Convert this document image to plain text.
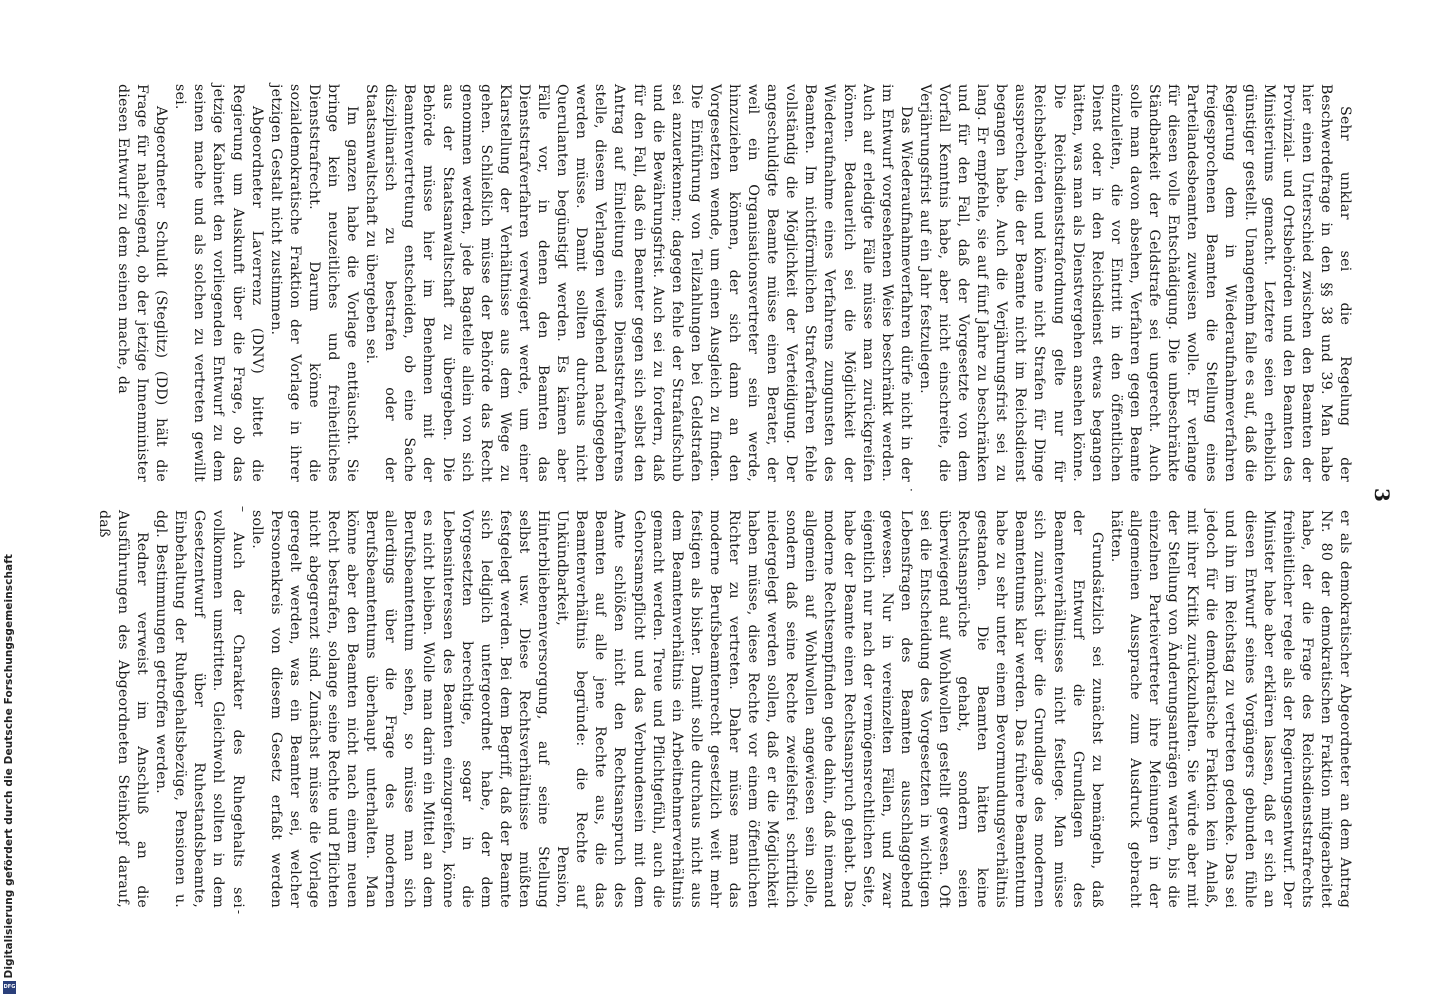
3
–
·
-

Sehr unklar sei die Regelung der Beschwerdefrage in den §§ 38 und 39. Man habe hier einen Unterschied zwischen den Beamten der Provinzial- und Ortsbehörden und den Beamten des Ministeriums gemacht. Letztere seien erheblich günstiger gestellt. Unangenehm falle es auf, daß die Regierung dem in Wiederaufnahmeverfahren freigesprochenen Beamten die Stellung eines Parteilandesbeamten zuweisen wolle. Er verlange für diesen volle Entschädigung. Die unbeschränkte Ständbarkeit der Geldstrafe sei ungerecht. Auch solle man davon absehen, Verfahren gegen Beamte einzuleiten, die vor Eintritt in den öffentlichen Dienst oder in den Reichsdienst etwas begangen hätten, was man als Dienstvergehen ansehen könne. Die Reichsdienststrafordnung gelte nur für Reichsbehörden und könne nicht Strafen für Dinge aussprechen, die der Beamte nicht im Reichsdienst begangen habe. Auch die Verjährungsfrist sei zu lang. Er empfehle, sie auf fünf Jahre zu beschränken und für den Fall, daß der Vorgesetzte von dem Vorfall Kenntnis habe, aber nicht einschreite, die Verjährungsfrist auf ein Jahr festzulegen.

Das Wiederaufnahmeverfahren dürfe nicht in der im Entwurf vorgesehenen Weise beschränkt werden. Auch auf erledigte Fälle müsse man zurückgreifen können. Bedauerlich sei die Möglichkeit der Wiederaufnahme eines Verfahrens zungunsten des Beamten. Im nichtförmlichen Strafverfahren fehle vollständig die Möglichkeit der Verteidigung. Der angeschuldigte Beamte müsse einen Berater, der weil ein Organisationsvertreter sein werde, hinzuziehen können, der sich dann an den Vorgesetzten wende, um einen Ausgleich zu finden. Die Einführung von Teilzahlungen bei Geldstrafen sei anzuerkennen; dagegen fehle der Strafaufschub und die Bewährungsfrist. Auch sei zu fordern, daß für den Fall, daß ein Beamter gegen sich selbst den Antrag auf Einleitung eines Dienststrafverfahrens stelle, diesem Verlangen weitgehend nachgegeben werden müsse. Damit sollten durchaus nicht Querulanten begünstigt werden. Es kämen aber Fälle vor, in denen den Beamten das Dienststrafverfahren verweigert werde, um einer Klarstellung der Verhältnisse aus dem Wege zu gehen. Schließlich müsse der Behörde das Recht genommen werden, jede Bagatelle allein von sich aus der Staatsanwaltschaft zu übergeben. Die Behörde müsse hier im Benehmen mit der Beamtenvertretung entscheiden, ob eine Sache disziplinarisch zu bestrafen oder der Staatsanwaltschaft zu übergeben sei.

Im ganzen habe die Vorlage enttäuscht. Sie bringe kein neuzeitliches und freiheitliches Dienststrafrecht. Darum könne die sozialdemokratische Fraktion der Vorlage in ihrer jetzigen Gestalt nicht zustimmen.

Abgeordneter Laverrenz (DNV) bittet die Regierung um Auskunft über die Frage, ob das jetzige Kabinett den vorliegenden Entwurf zu dem seinen mache und als solchen zu vertreten gewillt sei.

Abgeordneter Schuldt (Steglitz) (DD) hält die Frage für naheliegend, ob der jetzige Innenminister diesen Entwurf zu dem seinen mache, da

er als demokratischer Abgeordneter an dem Antrag Nr. 80 der demokratischen Fraktion mitgearbeitet habe, der die Frage des Reichsdienststrafrechts freiheitlicher regele als der Regierungsentwurf. Der Minister habe aber erklären lassen, daß er sich an diesen Entwurf seines Vorgängers gebunden fühle und ihn im Reichstag zu vertreten gedenke. Das sei jedoch für die demokratische Fraktion kein Anlaß, mit ihrer Kritik zurückzuhalten. Sie würde aber mit der Stellung von Änderungsanträgen warten, bis die einzelnen Parteivertreter ihre Meinungen in der allgemeinen Aussprache zum Ausdruck gebracht hätten.

Grundsätzlich sei zunächst zu bemängeln, daß der Entwurf die Grundlagen des Beamtenverhältnisses nicht festlege. Man müsse sich zunächst über die Grundlage des modernen Beamtentums klar werden. Das frühere Beamtentum habe zu sehr unter einem Bevormundungsverhältnis gestanden. Die Beamten hätten keine Rechtsansprüche gehabt, sondern seien überwiegend auf Wohlwollen gestellt gewesen. Oft sei die Entscheidung des Vorgesetzten in wichtigen Lebensfragen des Beamten ausschlaggebend gewesen. Nur in vereinzelten Fällen, und zwar eigentlich nur nach der vermögensrechtlichen Seite, habe der Beamte einen Rechtsanspruch gehabt. Das moderne Rechtsempfinden gehe dahin, daß niemand allgemein auf Wohlwollen angewiesen sein solle, sondern daß seine Rechte zweifelsfrei schriftlich niedergelegt werden sollen, daß er die Möglichkeit haben müsse, diese Rechte vor einem öffentlichen Richter zu vertreten. Daher müsse man das moderne Berufsbeamtenrecht gesetzlich weit mehr festigen als bisher. Damit solle durchaus nicht aus dem Beamtenverhältnis ein Arbeitnehmerverhältnis gemacht werden. Treue und Pflichtgefühl, auch die Gehorsamspflicht und das Verbundensein mit dem Amte schlößen nicht den Rechtsanspruch des Beamten auf alle jene Rechte aus, die das Beamtenverhältnis begründe: die Rechte auf Unkündbarkeit, Pension, Hinterbliebenenversorgung, auf seine Stellung selbst usw. Diese Rechtsverhältnisse müßten festgelegt werden. Bei dem Begriff, daß der Beamte sich lediglich untergeordnet habe, der dem Vorgesetzten berechtige, sogar in die Lebensinteressen des Beamten einzugreifen, könne es nicht bleiben. Wolle man darin ein Mittel an dem Berufsbeamtentum sehen, so müsse man sich allerdings über die Frage des modernen Berufsbeamtentums überhaupt unterhalten. Man könne aber den Beamten nicht nach einem neuen Recht bestrafen, solange seine Rechte und Pflichten nicht abgegrenzt sind. Zunächst müsse die Vorlage geregelt werden, was ein Beamter sei, welcher Personenkreis von diesem Gesetz erfaßt werden solle.

Auch der Charakter des Ruhegehalts sei vollkommen umstritten. Gleichwohl sollten in dem Gesetzentwurf über Ruhestandsbeamte, Einbehaltung der Ruhegehaltsbezüge, Pensionen u. dgl. Bestimmungen getroffen werden.

Redner verweist im Anschluß an die Ausführungen des Abgeordneten Steinkopf darauf, daß

Digitalisierung gefördert durch die Deutsche Forschungsgemeinschaft
DFG
